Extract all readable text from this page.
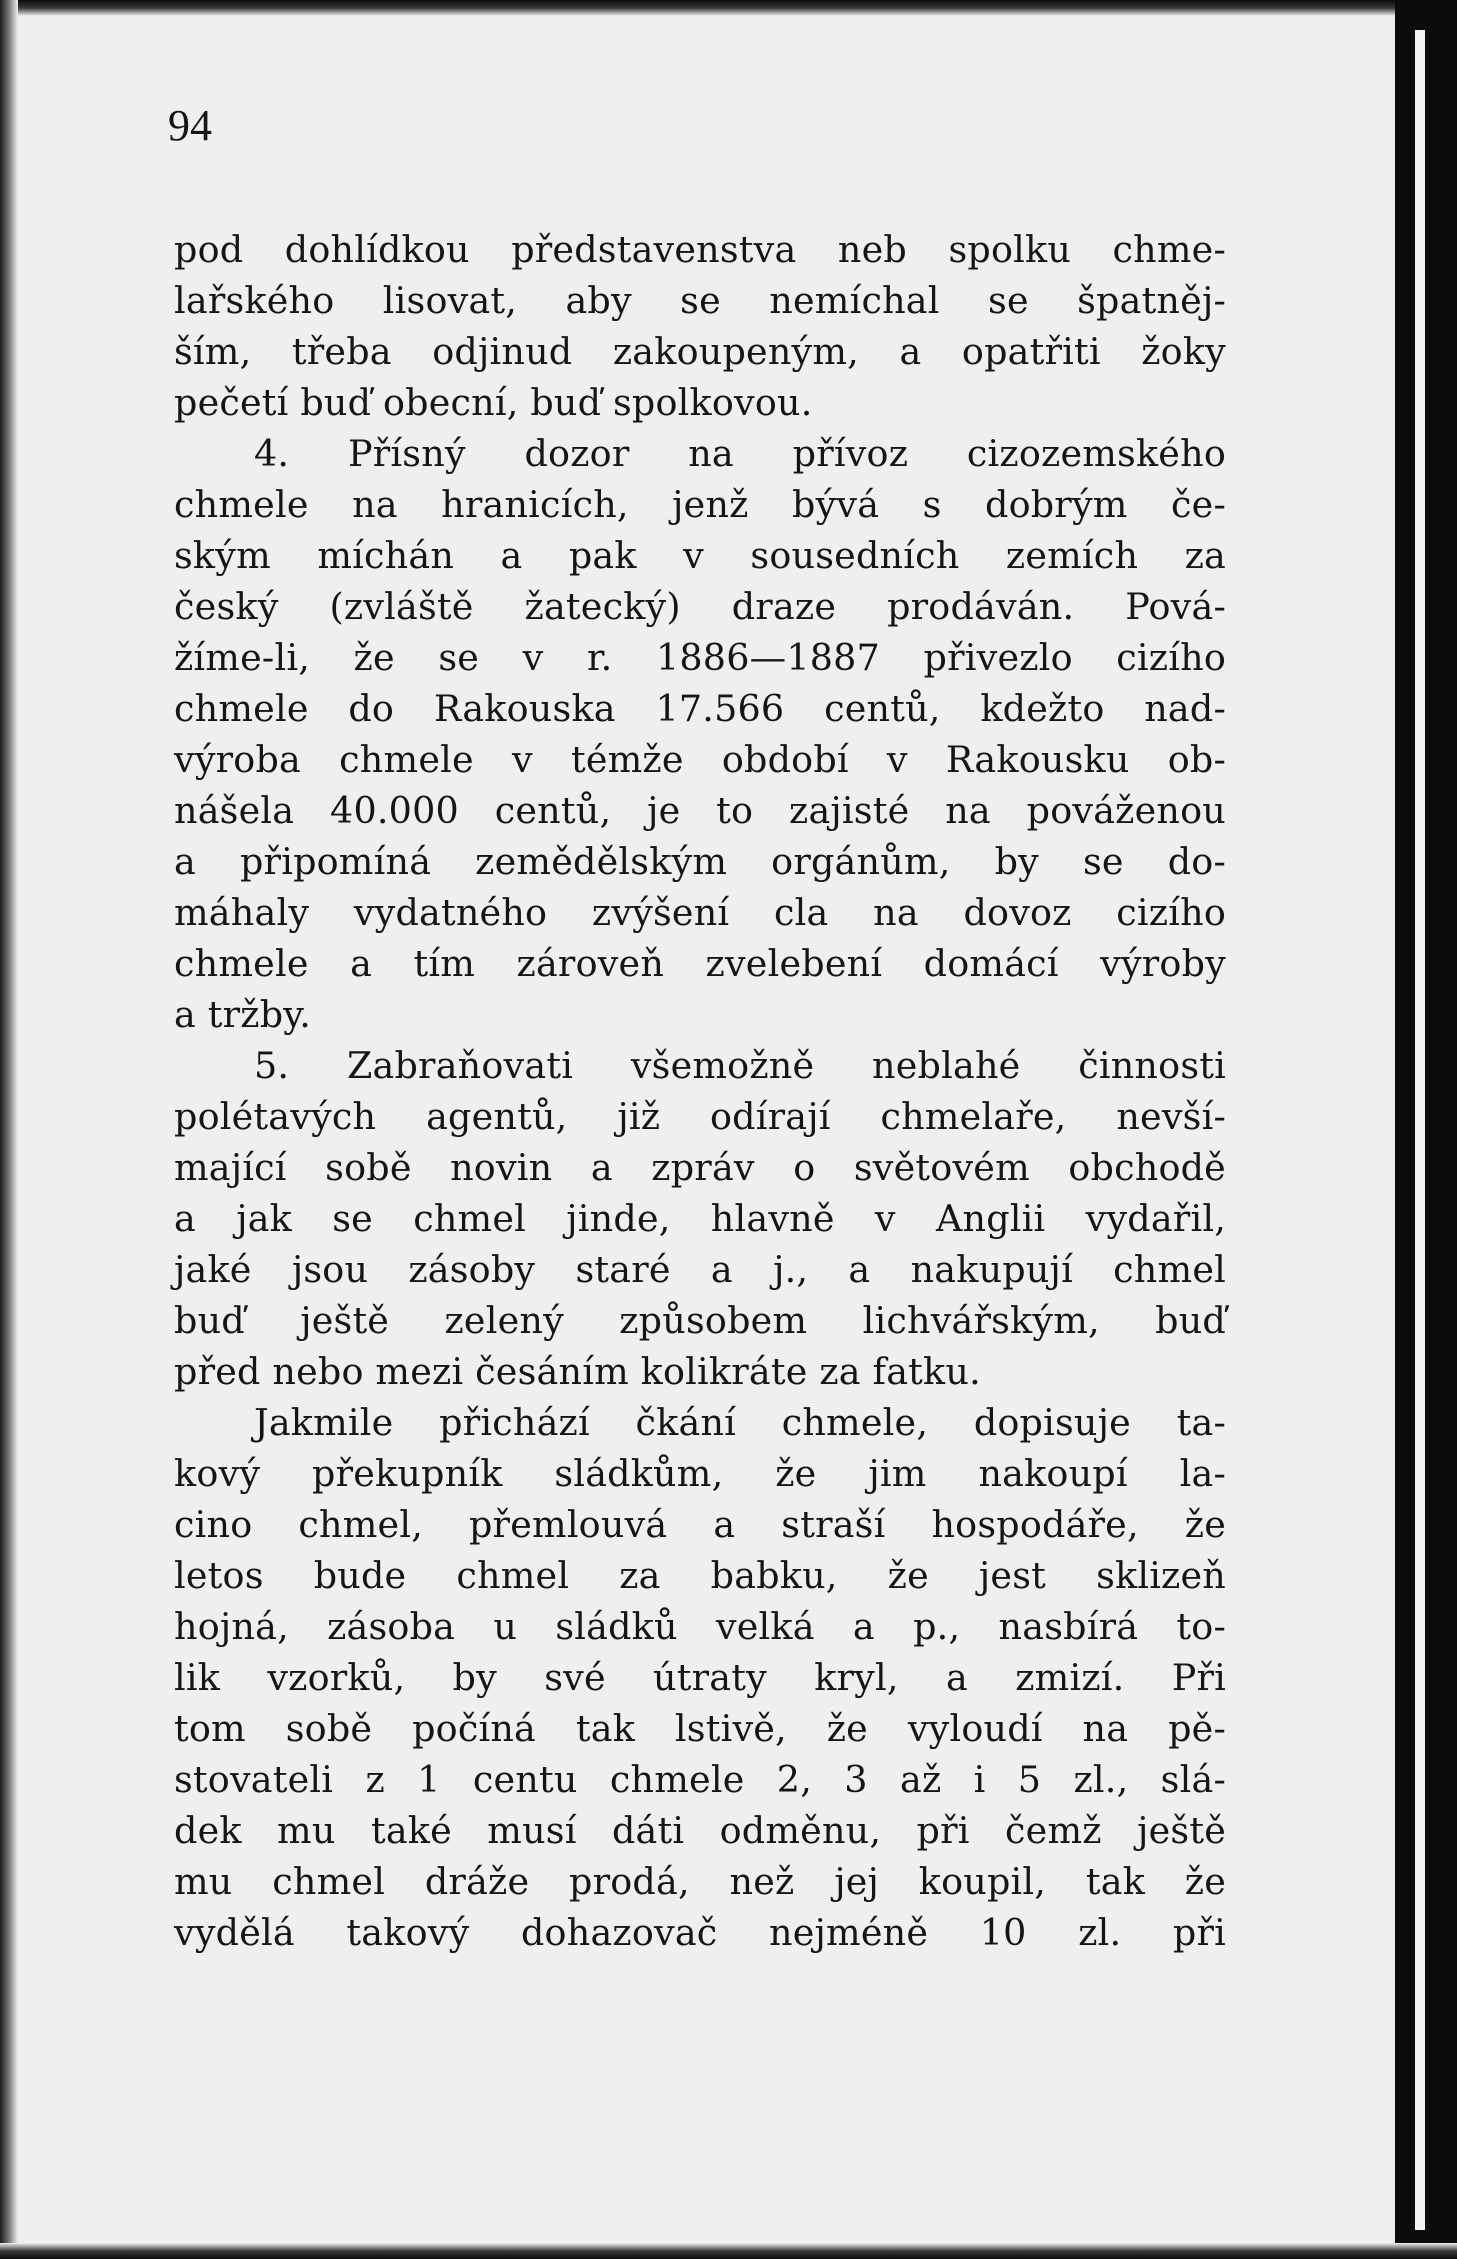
94
pod dohlídkou představenstva neb spolku chme-
lařského lisovat, aby se nemíchal se špatněj-
ším, třeba odjinud zakoupeným, a opatřiti žoky
pečetí buď obecní, buď spolkovou.
4. Přísný dozor na přívoz cizozemského
chmele na hranicích, jenž bývá s dobrým če-
ským míchán a pak v sousedních zemích za
český (zvláště žatecký) draze prodáván. Pová-
žíme-li, že se v r. 1886—1887 přivezlo cizího
chmele do Rakouska 17.566 centů, kdežto nad-
výroba chmele v témže období v Rakousku ob-
nášela 40.000 centů, je to zajisté na pováženou
a připomíná zemědělským orgánům, by se do-
máhaly vydatného zvýšení cla na dovoz cizího
chmele a tím zároveň zvelebení domácí výroby
a tržby.
5. Zabraňovati všemožně neblahé činnosti
polétavých agentů, již odírají chmelaře, nevší-
mající sobě novin a zpráv o světovém obchodě
a jak se chmel jinde, hlavně v Anglii vydařil,
jaké jsou zásoby staré a j., a nakupují chmel
buď ještě zelený způsobem lichvářským, buď
před nebo mezi česáním kolikráte za fatku.
Jakmile přichází čkání chmele, dopisuje ta-
kový překupník sládkům, že jim nakoupí la-
cino chmel, přemlouvá a straší hospodáře, že
letos bude chmel za babku, že jest sklizeň
hojná, zásoba u sládků velká a p., nasbírá to-
lik vzorků, by své útraty kryl, a zmizí. Při
tom sobě počíná tak lstivě, že vyloudí na pě-
stovateli z 1 centu chmele 2, 3 až i 5 zl., slá-
dek mu také musí dáti odměnu, při čemž ještě
mu chmel dráže prodá, než jej koupil, tak že
vydělá takový dohazovač nejméně 10 zl. při
